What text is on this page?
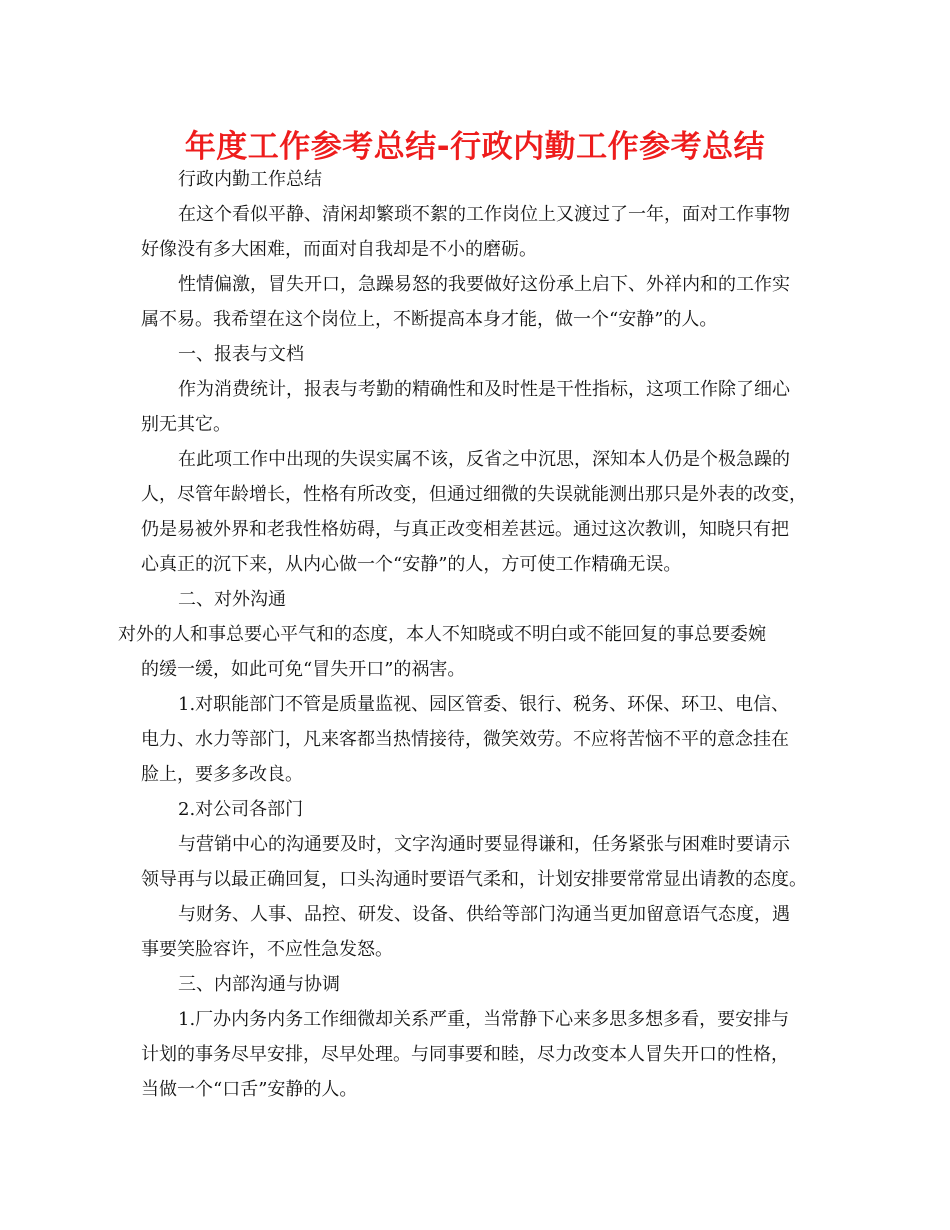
年度工作参考总结-行政内勤工作参考总结
行政内勤工作总结
在这个看似平静、清闲却繁琐不絮的工作岗位上又渡过了一年，面对工作事物
好像没有多大困难，而面对自我却是不小的磨砺。
性情偏激，冒失开口，急躁易怒的我要做好这份承上启下、外祥内和的工作实
属不易。我希望在这个岗位上，不断提高本身才能，做一个“安静”的人。
一、报表与文档
作为消费统计，报表与考勤的精确性和及时性是干性指标，这项工作除了细心
别无其它。
在此项工作中出现的失误实属不该，反省之中沉思，深知本人仍是个极急躁的
人，尽管年龄增长，性格有所改变，但通过细微的失误就能测出那只是外表的改变，
仍是易被外界和老我性格妨碍，与真正改变相差甚远。通过这次教训，知晓只有把
心真正的沉下来，从内心做一个“安静”的人，方可使工作精确无误。
二、对外沟通
对外的人和事总要心平气和的态度，本人不知晓或不明白或不能回复的事总要委婉
的缓一缓，如此可免“冒失开口”的祸害。
1.对职能部门不管是质量监视、园区管委、银行、税务、环保、环卫、电信、
电力、水力等部门，凡来客都当热情接待，微笑效劳。不应将苦恼不平的意念挂在
脸上，要多多改良。
2.对公司各部门
与营销中心的沟通要及时，文字沟通时要显得谦和，任务紧张与困难时要请示
领导再与以最正确回复，口头沟通时要语气柔和，计划安排要常常显出请教的态度。
与财务、人事、品控、研发、设备、供给等部门沟通当更加留意语气态度，遇
事要笑脸容许，不应性急发怒。
三、内部沟通与协调
1.厂办内务内务工作细微却关系严重，当常静下心来多思多想多看，要安排与
计划的事务尽早安排，尽早处理。与同事要和睦，尽力改变本人冒失开口的性格，
当做一个“口舌”安静的人。
